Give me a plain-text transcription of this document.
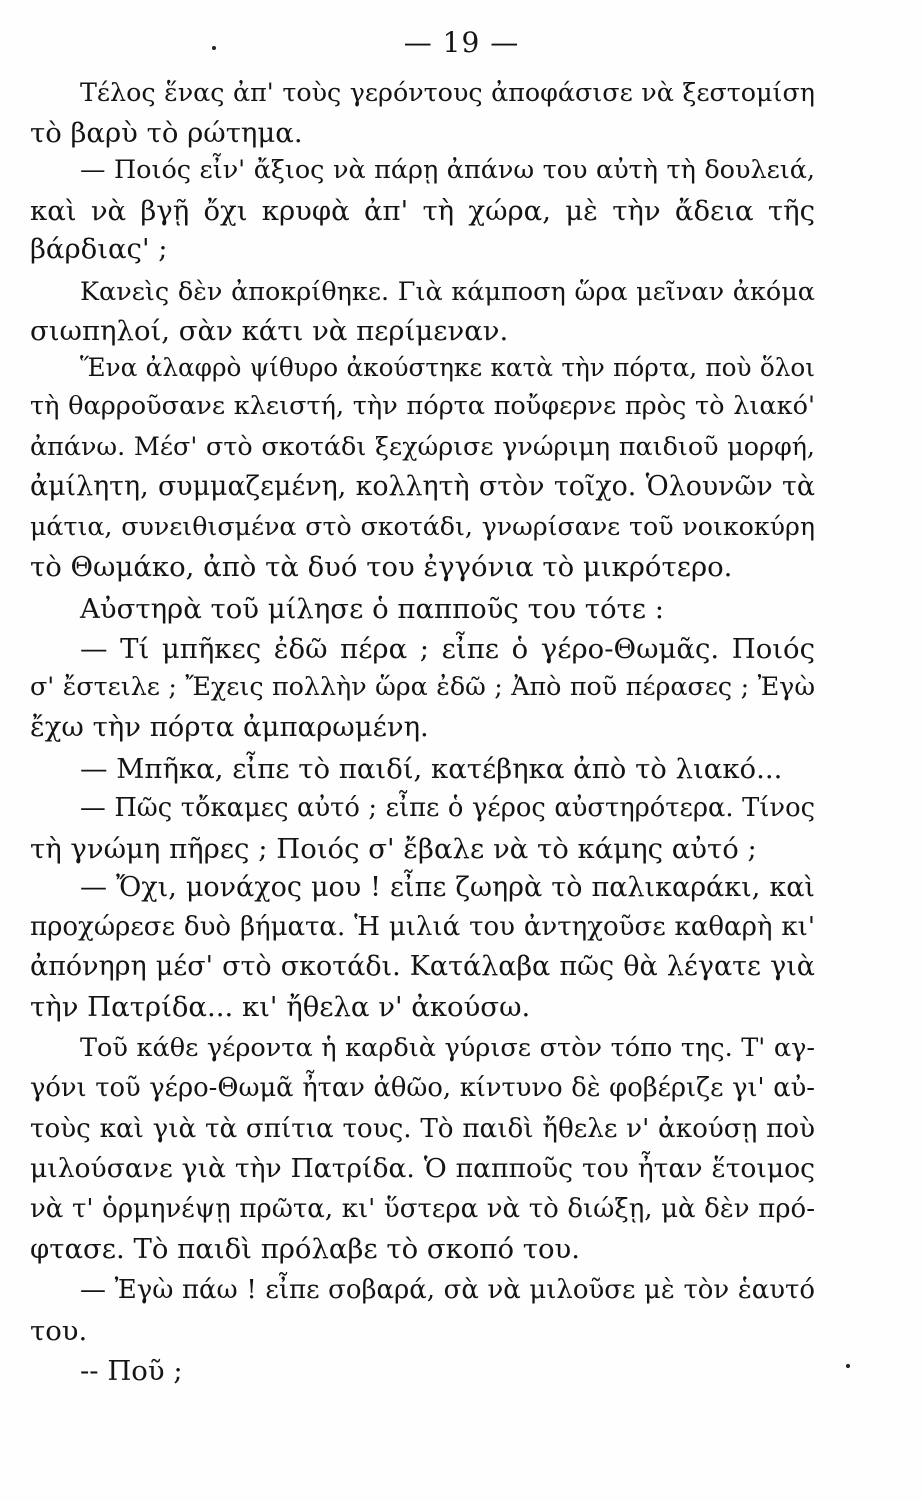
— 19 —
Τέλος ἕνας ἀπ' τοὺς γερόντους ἀποφάσισε νὰ ξεστομίση
τὸ βαρὺ τὸ ρώτημα.
— Ποιός εἶν' ἄξιος νὰ πάρῃ ἀπάνω του αὐτὴ τὴ δουλειά,
καὶ νὰ βγῇ ὄχι κρυφὰ ἀπ' τὴ χώρα, μὲ τὴν ἄδεια τῆς
βάρδιας' ;
Κανεὶς δὲν ἀποκρίθηκε. Γιὰ κάμποση ὥρα μεῖναν ἀκόμα
σιωπηλοί, σὰν κάτι νὰ περίμεναν.
Ἕνα ἀλαφρὸ ψίθυρο ἀκούστηκε κατὰ τὴν πόρτα, ποὺ ὅλοι
τὴ θαρροῦσανε κλειστή, τὴν πόρτα ποὔφερνε πρὸς τὸ λιακό'
ἀπάνω. Μέσ' στὸ σκοτάδι ξεχώρισε γνώριμη παιδιοῦ μορφή,
ἀμίλητη, συμμαζεμένη, κολλητὴ στὸν τοῖχο. Ὁλουνῶν τὰ
μάτια, συνειθισμένα στὸ σκοτάδι, γνωρίσανε τοῦ νοικοκύρη
τὸ Θωμάκο, ἀπὸ τὰ δυό του ἐγγόνια τὸ μικρότερο.
Αὐστηρὰ τοῦ μίλησε ὁ παπποῦς του τότε :
— Τί μπῆκες ἐδῶ πέρα ; εἶπε ὁ γέρο-Θωμᾶς. Ποιός
σ' ἔστειλε ; Ἔχεις πολλὴν ὥρα ἐδῶ ; Ἀπὸ ποῦ πέρασες ; Ἐγὼ
ἔχω τὴν πόρτα ἀμπαρωμένη.
— Μπῆκα, εἶπε τὸ παιδί, κατέβηκα ἀπὸ τὸ λιακό...
— Πῶς τὄκαμες αὐτό ; εἶπε ὁ γέρος αὐστηρότερα. Τίνος
τὴ γνώμη πῆρες ; Ποιός σ' ἔβαλε νὰ τὸ κάμης αὐτό ;
— Ὄχι, μονάχος μου ! εἶπε ζωηρὰ τὸ παλικαράκι, καὶ
προχώρεσε δυὸ βήματα. Ἡ μιλιά του ἀντηχοῦσε καθαρὴ κι'
ἀπόνηρη μέσ' στὸ σκοτάδι. Κατάλαβα πῶς θὰ λέγατε γιὰ
τὴν Πατρίδα... κι' ἤθελα ν' ἀκούσω.
Τοῦ κάθε γέροντα ἡ καρδιὰ γύρισε στὸν τόπο της. Τ' αγ-
γόνι τοῦ γέρο-Θωμᾶ ἦταν ἀθῶο, κίντυνο δὲ φοβέριζε γι' αὐ-
τοὺς καὶ γιὰ τὰ σπίτια τους. Τὸ παιδὶ ἤθελε ν' ἀκούσῃ ποὺ
μιλούσανε γιὰ τὴν Πατρίδα. Ὁ παπποῦς του ἦταν ἕτοιμος
νὰ τ' ὁρμηνέψῃ πρῶτα, κι' ὕστερα νὰ τὸ διώξῃ, μὰ δὲν πρό-
φτασε. Τὸ παιδὶ πρόλαβε τὸ σκοπό του.
— Ἐγὼ πάω ! εἶπε σοβαρά, σὰ νὰ μιλοῦσε μὲ τὸν ἑαυτό
του.
-- Ποῦ ;
